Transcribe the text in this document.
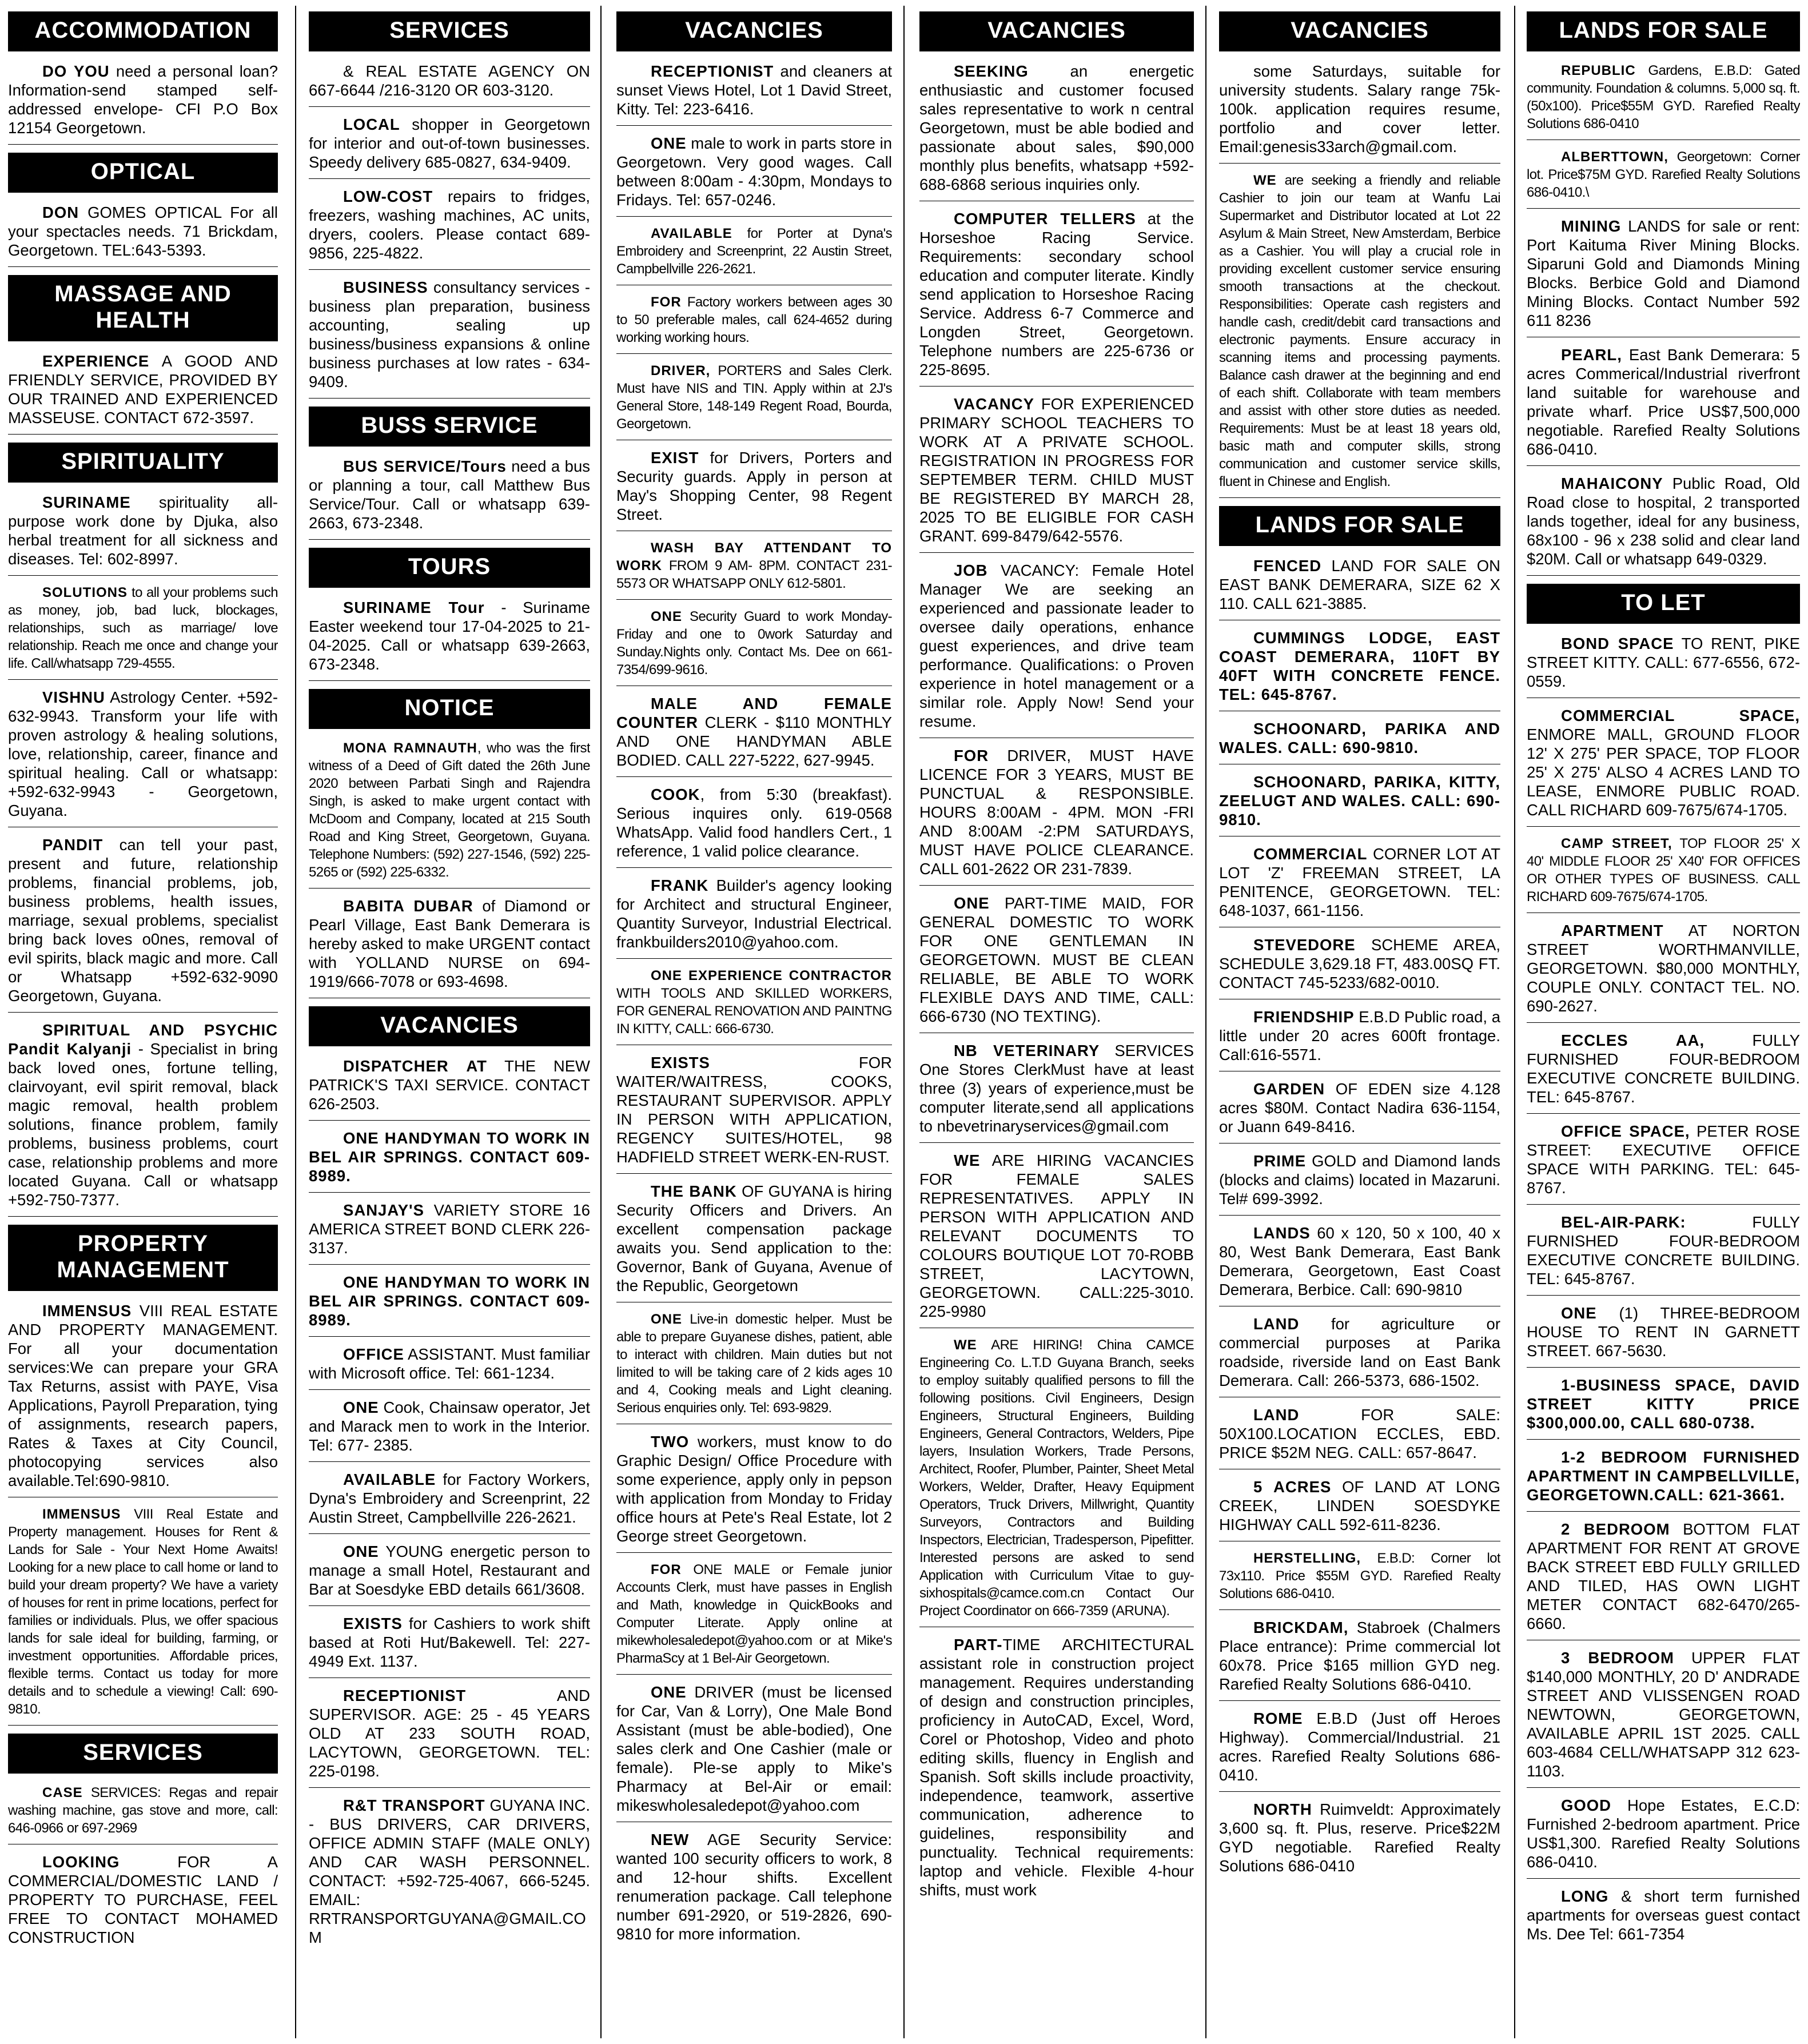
ACCOMMODATION
DO YOU need a personal loan? Information-send stamped self-addressed envelope- CFI P.O Box 12154 Georgetown.
OPTICAL
DON GOMES OPTICAL For all your spectacles needs. 71 Brickdam, Georgetown. TEL:643-5393.
MASSAGE AND HEALTH
EXPERIENCE A GOOD AND FRIENDLY SERVICE, PROVIDED BY OUR TRAINED AND EXPERIENCED MASSEUSE. CONTACT 672-3597.
SPIRITUALITY
SURINAME spirituality all-purpose work done by Djuka, also herbal treatment for all sickness and diseases. Tel: 602-8997.
SOLUTIONS to all your problems such as money, job, bad luck, blockages, relationships, such as marriage/ love relationship. Reach me once and change your life. Call/whatsapp 729-4555.
VISHNU Astrology Center. +592-632-9943. Transform your life with proven astrology & healing solutions, love, relationship, career, finance and spiritual healing. Call or whatsapp: +592-632-9943 - Georgetown, Guyana.
PANDIT can tell your past, present and future, relationship problems, financial problems, job, business problems, health issues, marriage, sexual problems, specialist bring back loves o0nes, removal of evil spirits, black magic and more. Call or Whatsapp +592-632-9090 Georgetown, Guyana.
SPIRITUAL AND PSYCHIC Pandit Kalyanji - Specialist in bring back loved ones, fortune telling, clairvoyant, evil spirit removal, black magic removal, health problem solutions, finance problem, family problems, business problems, court case, relationship problems and more located Guyana. Call or whatsapp +592-750-7377.
PROPERTY MANAGEMENT
IMMENSUS VIII REAL ESTATE AND PROPERTY MANAGEMENT. For all your documentation services:We can prepare your GRA Tax Returns, assist with PAYE, Visa Applications, Payroll Preparation, tying of assignments, research papers, Rates & Taxes at City Council, photocopying services also available.Tel:690-9810.
IMMENSUS VIII Real Estate and Property management. Houses for Rent & Lands for Sale - Your Next Home Awaits! Looking for a new place to call home or land to build your dream property? We have a variety of houses for rent in prime locations, perfect for families or individuals. Plus, we offer spacious lands for sale ideal for building, farming, or investment opportunities. Affordable prices, flexible terms. Contact us today for more details and to schedule a viewing! Call: 690-9810.
SERVICES
CASE SERVICES: Regas and repair washing machine, gas stove and more, call: 646-0966 or 697-2969
LOOKING FOR A COMMERCIAL/DOMESTIC LAND / PROPERTY TO PURCHASE, FEEL FREE TO CONTACT MOHAMED CONSTRUCTION
SERVICES
& REAL ESTATE AGENCY ON 667-6644 /216-3120 OR 603-3120.
LOCAL shopper in Georgetown for interior and out-of-town businesses. Speedy delivery 685-0827, 634-9409.
LOW-COST repairs to fridges, freezers, washing machines, AC units, dryers, coolers. Please contact 689-9856, 225-4822.
BUSINESS consultancy services - business plan preparation, business accounting, sealing up business/business expansions & online business purchases at low rates - 634-9409.
BUSS SERVICE
BUS SERVICE/Tours need a bus or planning a tour, call Matthew Bus Service/Tour. Call or whatsapp 639-2663, 673-2348.
TOURS
SURINAME Tour - Suriname Easter weekend tour 17-04-2025 to 21-04-2025. Call or whatsapp 639-2663, 673-2348.
NOTICE
MONA RAMNAUTH, who was the first witness of a Deed of Gift dated the 26th June 2020 between Parbati Singh and Rajendra Singh, is asked to make urgent contact with McDoom and Company, located at 215 South Road and King Street, Georgetown, Guyana. Telephone Numbers: (592) 227-1546, (592) 225-5265 or (592) 225-6332.
BABITA DUBAR of Diamond or Pearl Village, East Bank Demerara is hereby asked to make URGENT contact with YOLLAND NURSE on 694-1919/666-7078 or 693-4698.
VACANCIES
DISPATCHER AT THE NEW PATRICK'S TAXI SERVICE. CONTACT 626-2503.
ONE HANDYMAN TO WORK IN BEL AIR SPRINGS. CONTACT 609-8989.
SANJAY'S VARIETY STORE 16 AMERICA STREET BOND CLERK 226-3137.
ONE HANDYMAN TO WORK IN BEL AIR SPRINGS. CONTACT 609-8989.
OFFICE ASSISTANT. Must familiar with Microsoft office. Tel: 661-1234.
ONE Cook, Chainsaw operator, Jet and Marack men to work in the Interior. Tel: 677- 2385.
AVAILABLE for Factory Workers, Dyna's Embroidery and Screenprint, 22 Austin Street, Campbellville 226-2621.
ONE YOUNG energetic person to manage a small Hotel, Restaurant and Bar at Soesdyke EBD details 661/3608.
EXISTS for Cashiers to work shift based at Roti Hut/Bakewell. Tel: 227-4949 Ext. 1137.
RECEPTIONIST AND SUPERVISOR. AGE: 25 - 45 YEARS OLD AT 233 SOUTH ROAD, LACYTOWN, GEORGETOWN. TEL: 225-0198.
R&T TRANSPORT GUYANA INC. - BUS DRIVERS, CAR DRIVERS, OFFICE ADMIN STAFF (MALE ONLY) AND CAR WASH PERSONNEL. CONTACT: +592-725-4067, 666-5245. EMAIL: RRTRANSPORTGUYANA@GMAIL.COM
VACANCIES
RECEPTIONIST and cleaners at sunset Views Hotel, Lot 1 David Street, Kitty. Tel: 223-6416.
ONE male to work in parts store in Georgetown. Very good wages. Call between 8:00am - 4:30pm, Mondays to Fridays. Tel: 657-0246.
AVAILABLE for Porter at Dyna's Embroidery and Screenprint, 22 Austin Street, Campbellville 226-2621.
FOR Factory workers between ages 30 to 50 preferable males, call 624-4652 during working working hours.
DRIVER, PORTERS and Sales Clerk. Must have NIS and TIN. Apply within at 2J's General Store, 148-149 Regent Road, Bourda, Georgetown.
EXIST for Drivers, Porters and Security guards. Apply in person at May's Shopping Center, 98 Regent Street.
WASH BAY ATTENDANT TO WORK FROM 9 AM- 8PM. CONTACT 231-5573 OR WHATSAPP ONLY 612-5801.
ONE Security Guard to work Monday-Friday and one to 0work Saturday and Sunday.Nights only. Contact Ms. Dee on 661-7354/699-9616.
MALE AND FEMALE COUNTER CLERK - $110 MONTHLY AND ONE HANDYMAN ABLE BODIED. CALL 227-5222, 627-9945.
COOK, from 5:30 (breakfast). Serious inquires only. 619-0568 WhatsApp. Valid food handlers Cert., 1 reference, 1 valid police clearance.
FRANK Builder's agency looking for Architect and structural Engineer, Quantity Surveyor, Industrial Electrical. frankbuilders2010@yahoo.com.
ONE EXPERIENCE CONTRACTOR WITH TOOLS AND SKILLED WORKERS, FOR GENERAL RENOVATION AND PAINTNG IN KITTY, CALL: 666-6730.
EXISTS FOR WAITER/WAITRESS, COOKS, RESTAURANT SUPERVISOR. APPLY IN PERSON WITH APPLICATION, REGENCY SUITES/HOTEL, 98 HADFIELD STREET WERK-EN-RUST.
THE BANK OF GUYANA is hiring Security Officers and Drivers. An excellent compensation package awaits you. Send application to the: Governor, Bank of Guyana, Avenue of the Republic, Georgetown
ONE Live-in domestic helper. Must be able to prepare Guyanese dishes, patient, able to interact with children. Main duties but not limited to will be taking care of 2 kids ages 10 and 4, Cooking meals and Light cleaning. Serious enquiries only. Tel: 693-9829.
TWO workers, must know to do Graphic Design/ Office Procedure with some experience, apply only in pepson with application from Monday to Friday office hours at Pete's Real Estate, lot 2 George street Georgetown.
FOR ONE MALE or Female junior Accounts Clerk, must have passes in English and Math, knowledge in QuickBooks and Computer Literate. Apply online at mikewholesaledepot@yahoo.com or at Mike's PharmaScy at 1 Bel-Air Georgetown.
ONE DRIVER (must be licensed for Car, Van & Lorry), One Male Bond Assistant (must be able-bodied), One sales clerk and One Cashier (male or female). Ple-se apply to Mike's Pharmacy at Bel-Air or email: mikeswholesaledepot@yahoo.com
NEW AGE Security Service: wanted 100 security officers to work, 8 and 12-hour shifts. Excellent renumeration package. Call telephone number 691-2920, or 519-2826, 690-9810 for more information.
VACANCIES
SEEKING an energetic enthusiastic and customer focused sales representative to work n central Georgetown, must be able bodied and passionate about sales, $90,000 monthly plus benefits, whatsapp +592-688-6868 serious inquiries only.
COMPUTER TELLERS at the Horseshoe Racing Service. Requirements: secondary school education and computer literate. Kindly send application to Horseshoe Racing Service. Address 6-7 Commerce and Longden Street, Georgetown. Telephone numbers are 225-6736 or 225-8695.
VACANCY FOR EXPERIENCED PRIMARY SCHOOL TEACHERS TO WORK AT A PRIVATE SCHOOL. REGISTRATION IN PROGRESS FOR SEPTEMBER TERM. CHILD MUST BE REGISTERED BY MARCH 28, 2025 TO BE ELIGIBLE FOR CASH GRANT. 699-8479/642-5576.
JOB VACANCY: Female Hotel Manager We are seeking an experienced and passionate leader to oversee daily operations, enhance guest experiences, and drive team performance. Qualifications: o Proven experience in hotel management or a similar role. Apply Now! Send your resume.
FOR DRIVER, MUST HAVE LICENCE FOR 3 YEARS, MUST BE PUNCTUAL & RESPONSIBLE. HOURS 8:00AM - 4PM. MON -FRI AND 8:00AM -2:PM SATURDAYS, MUST HAVE POLICE CLEARANCE. CALL 601-2622 OR 231-7839.
ONE PART-TIME MAID, FOR GENERAL DOMESTIC TO WORK FOR ONE GENTLEMAN IN GEORGETOWN. MUST BE CLEAN RELIABLE, BE ABLE TO WORK FLEXIBLE DAYS AND TIME, CALL: 666-6730 (NO TEXTING).
NB VETERINARY SERVICES One Stores ClerkMust have at least three (3) years of experience,must be computer literate,send all applications to nbevetrinaryservices@gmail.com
WE ARE HIRING VACANCIES FOR FEMALE SALES REPRESENTATIVES. APPLY IN PERSON WITH APPLICATION AND RELEVANT DOCUMENTS TO COLOURS BOUTIQUE LOT 70-ROBB STREET, LACYTOWN, GEORGETOWN. CALL:225-3010. 225-9980
WE ARE HIRING! China CAMCE Engineering Co. L.T.D Guyana Branch, seeks to employ suitably qualified persons to fill the following positions. Civil Engineers, Design Engineers, Structural Engineers, Building Engineers, General Contractors, Welders, Pipe layers, Insulation Workers, Trade Persons, Architect, Roofer, Plumber, Painter, Sheet Metal Workers, Welder, Drafter, Heavy Equipment Operators, Truck Drivers, Millwright, Quantity Surveyors, Contractors and Building Inspectors, Electrician, Tradesperson, Pipefitter. Interested persons are asked to send Application with Curriculum Vitae to guy-sixhospitals@camce.com.cn Contact Our Project Coordinator on 666-7359 (ARUNA).
PART-TIME ARCHITECTURAL assistant role in construction project management. Requires understanding of design and construction principles, proficiency in AutoCAD, Excel, Word, Corel or Photoshop, Video and photo editing skills, fluency in English and Spanish. Soft skills include proactivity, independence, teamwork, assertive communication, adherence to guidelines, responsibility and punctuality. Technical requirements: laptop and vehicle. Flexible 4-hour shifts, must work
VACANCIES
some Saturdays, suitable for university students. Salary range 75k-100k. application requires resume, portfolio and cover letter. Email:genesis33arch@gmail.com.
WE are seeking a friendly and reliable Cashier to join our team at Wanfu Lai Supermarket and Distributor located at Lot 22 Asylum & Main Street, New Amsterdam, Berbice as a Cashier. You will play a crucial role in providing excellent customer service ensuring smooth transactions at the checkout. Responsibilities: Operate cash registers and handle cash, credit/debit card transactions and electronic payments. Ensure accuracy in scanning items and processing payments. Balance cash drawer at the beginning and end of each shift. Collaborate with team members and assist with other store duties as needed. Requirements: Must be at least 18 years old, basic math and computer skills, strong communication and customer service skills, fluent in Chinese and English.
LANDS FOR SALE
FENCED LAND FOR SALE ON EAST BANK DEMERARA, SIZE 62 X 110. CALL 621-3885.
CUMMINGS LODGE, EAST COAST DEMERARA, 110FT BY 40FT WITH CONCRETE FENCE. TEL: 645-8767.
SCHOONARD, PARIKA AND WALES. CALL: 690-9810.
SCHOONARD, PARIKA, KITTY, ZEELUGT AND WALES. CALL: 690-9810.
COMMERCIAL CORNER LOT AT LOT 'Z' FREEMAN STREET, LA PENITENCE, GEORGETOWN. TEL: 648-1037, 661-1156.
STEVEDORE SCHEME AREA, SCHEDULE 3,629.18 FT, 483.00SQ FT. CONTACT 745-5233/682-0010.
FRIENDSHIP E.B.D Public road, a little under 20 acres 600ft frontage. Call:616-5571.
GARDEN OF EDEN size 4.128 acres $80M. Contact Nadira 636-1154, or Juann 649-8416.
PRIME GOLD and Diamond lands (blocks and claims) located in Mazaruni. Tel# 699-3992.
LANDS 60 x 120, 50 x 100, 40 x 80, West Bank Demerara, East Bank Demerara, Georgetown, East Coast Demerara, Berbice. Call: 690-9810
LAND for agriculture or commercial purposes at Parika roadside, riverside land on East Bank Demerara. Call: 266-5373, 686-1502.
LAND FOR SALE: 50X100.LOCATION ECCLES, EBD. PRICE $52M NEG. CALL: 657-8647.
5 ACRES OF LAND AT LONG CREEK, LINDEN SOESDYKE HIGHWAY CALL 592-611-8236.
HERSTELLING, E.B.D: Corner lot 73x110. Price $55M GYD. Rarefied Realty Solutions 686-0410.
BRICKDAM, Stabroek (Chalmers Place entrance): Prime commercial lot 60x78. Price $165 million GYD neg. Rarefied Realty Solutions 686-0410.
ROME E.B.D (Just off Heroes Highway). Commercial/Industrial. 21 acres. Rarefied Realty Solutions 686-0410.
NORTH Ruimveldt: Approximately 3,600 sq. ft. Plus, reserve. Price$22M GYD negotiable. Rarefied Realty Solutions 686-0410
LANDS FOR SALE
REPUBLIC Gardens, E.B.D: Gated community. Foundation & columns. 5,000 sq. ft. (50x100). Price$55M GYD. Rarefied Realty Solutions 686-0410
ALBERTTOWN, Georgetown: Corner lot. Price$75M GYD. Rarefied Realty Solutions 686-0410.\
MINING LANDS for sale or rent: Port Kaituma River Mining Blocks. Siparuni Gold and Diamonds Mining Blocks. Berbice Gold and Diamond Mining Blocks. Contact Number 592 611 8236
PEARL, East Bank Demerara: 5 acres Commerical/Industrial riverfront land suitable for warehouse and private wharf. Price US$7,500,000 negotiable. Rarefied Realty Solutions 686-0410.
MAHAICONY Public Road, Old Road close to hospital, 2 transported lands together, ideal for any business, 68x100 - 96 x 238 solid and clear land $20M. Call or whatsapp 649-0329.
TO LET
BOND SPACE TO RENT, PIKE STREET KITTY. CALL: 677-6556, 672-0559.
COMMERCIAL SPACE, ENMORE MALL, GROUND FLOOR 12' X 275' PER SPACE, TOP FLOOR 25' X 275' ALSO 4 ACRES LAND TO LEASE, ENMORE PUBLIC ROAD. CALL RICHARD 609-7675/674-1705.
CAMP STREET, TOP FLOOR 25' X 40' MIDDLE FLOOR 25' X40' FOR OFFICES OR OTHER TYPES OF BUSINESS. CALL RICHARD 609-7675/674-1705.
APARTMENT AT NORTON STREET WORTHMANVILLE, GEORGETOWN. $80,000 MONTHLY, COUPLE ONLY. CONTACT TEL. NO. 690-2627.
ECCLES AA, FULLY FURNISHED FOUR-BEDROOM EXECUTIVE CONCRETE BUILDING. TEL: 645-8767.
OFFICE SPACE, PETER ROSE STREET: EXECUTIVE OFFICE SPACE WITH PARKING. TEL: 645-8767.
BEL-AIR-PARK: FULLY FURNISHED FOUR-BEDROOM EXECUTIVE CONCRETE BUILDING. TEL: 645-8767.
ONE (1) THREE-BEDROOM HOUSE TO RENT IN GARNETT STREET. 667-5630.
1-BUSINESS SPACE, DAVID STREET KITTY PRICE $300,000.00, CALL 680-0738.
1-2 BEDROOM FURNISHED APARTMENT IN CAMPBELLVILLE, GEORGETOWN.CALL: 621-3661.
2 BEDROOM BOTTOM FLAT APARTMENT FOR RENT AT GROVE BACK STREET EBD FULLY GRILLED AND TILED, HAS OWN LIGHT METER CONTACT 682-6470/265-6660.
3 BEDROOM UPPER FLAT $140,000 MONTHLY, 20 D' ANDRADE STREET AND VLISSENGEN ROAD NEWTOWN, GEORGETOWN, AVAILABLE APRIL 1ST 2025. CALL 603-4684 CELL/WHATSAPP 312 623-1103.
GOOD Hope Estates, E.C.D: Furnished 2-bedroom apartment. Price US$1,300. Rarefied Realty Solutions 686-0410.
LONG & short term furnished apartments for overseas guest contact Ms. Dee Tel: 661-7354
